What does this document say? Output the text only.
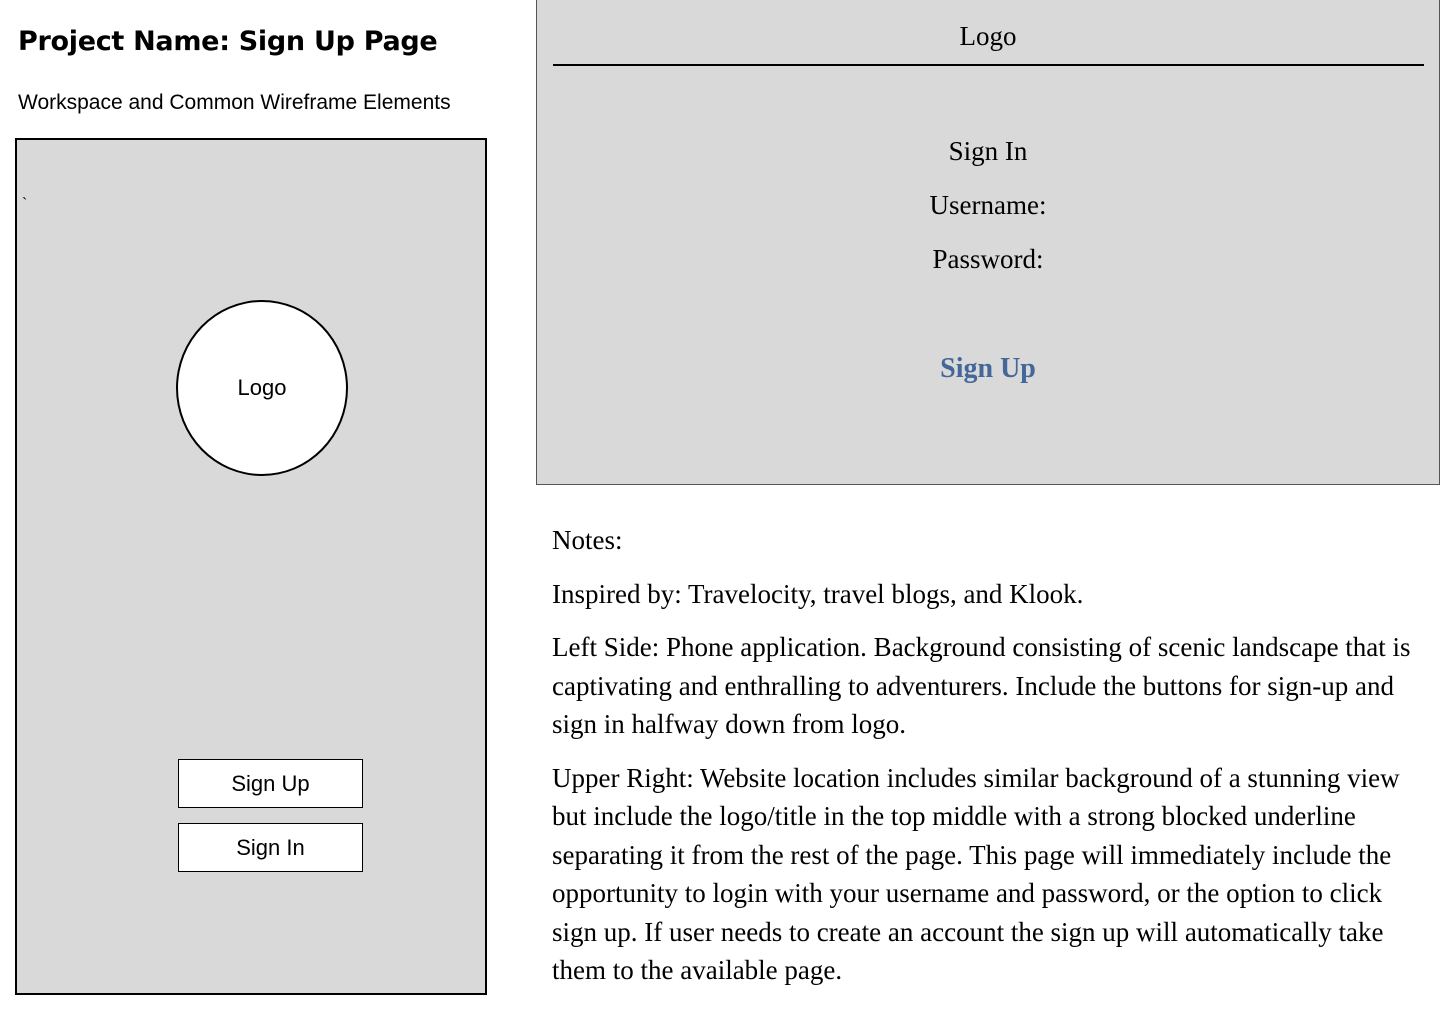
Project Name: Sign Up Page
Workspace and Common Wireframe Elements
`
Logo
Sign Up
Sign In
Logo
Sign In
Username:
Password:
Sign Up

Notes:

Inspired by: Travelocity, travel blogs, and Klook.

Left Side: Phone application. Background consisting of scenic landscape that is captivating and enthralling to adventurers. Include the buttons for sign-up and sign in halfway down from logo.

Upper Right: Website location includes similar background of a stunning view but include the logo/title in the top middle with a strong blocked underline separating it from the rest of the page. This page will immediately include the opportunity to login with your username and password, or the option to click sign up. If user needs to create an account the sign up will automatically take them to the available page.
